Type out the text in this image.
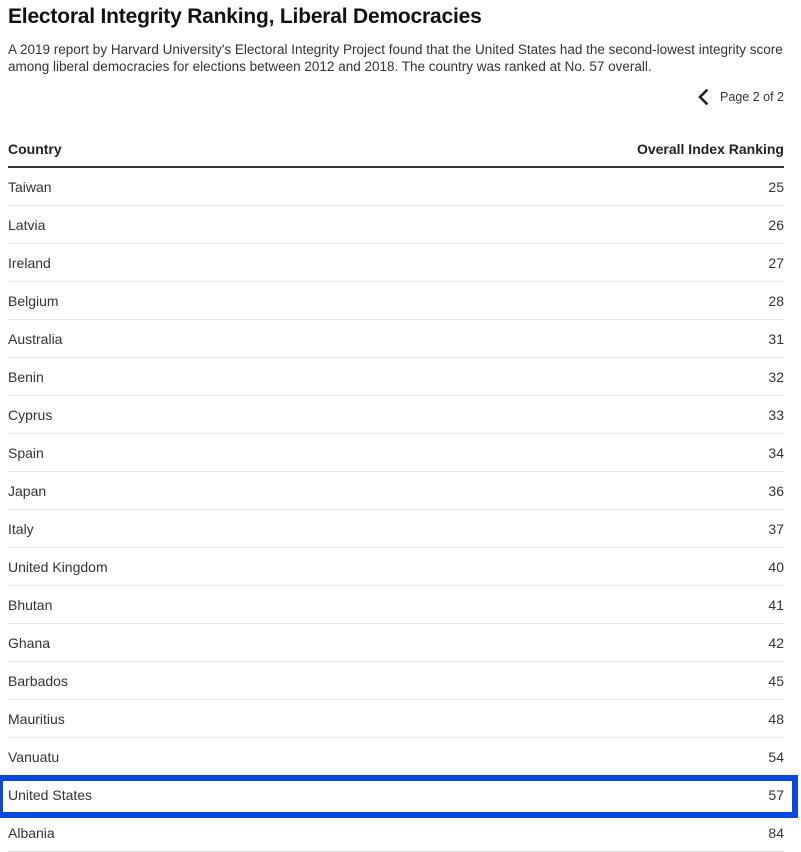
Electoral Integrity Ranking, Liberal Democracies
A 2019 report by Harvard University's Electoral Integrity Project found that the United States had the second-lowest integrity score among liberal democracies for elections between 2012 and 2018. The country was ranked at No. 57 overall.
Page 2 of 2
Country	Overall Index Ranking
Taiwan	25
Latvia	26
Ireland	27
Belgium	28
Australia	31
Benin	32
Cyprus	33
Spain	34
Japan	36
Italy	37
United Kingdom	40
Bhutan	41
Ghana	42
Barbados	45
Mauritius	48
Vanuatu	54
United States	57
Albania	84
